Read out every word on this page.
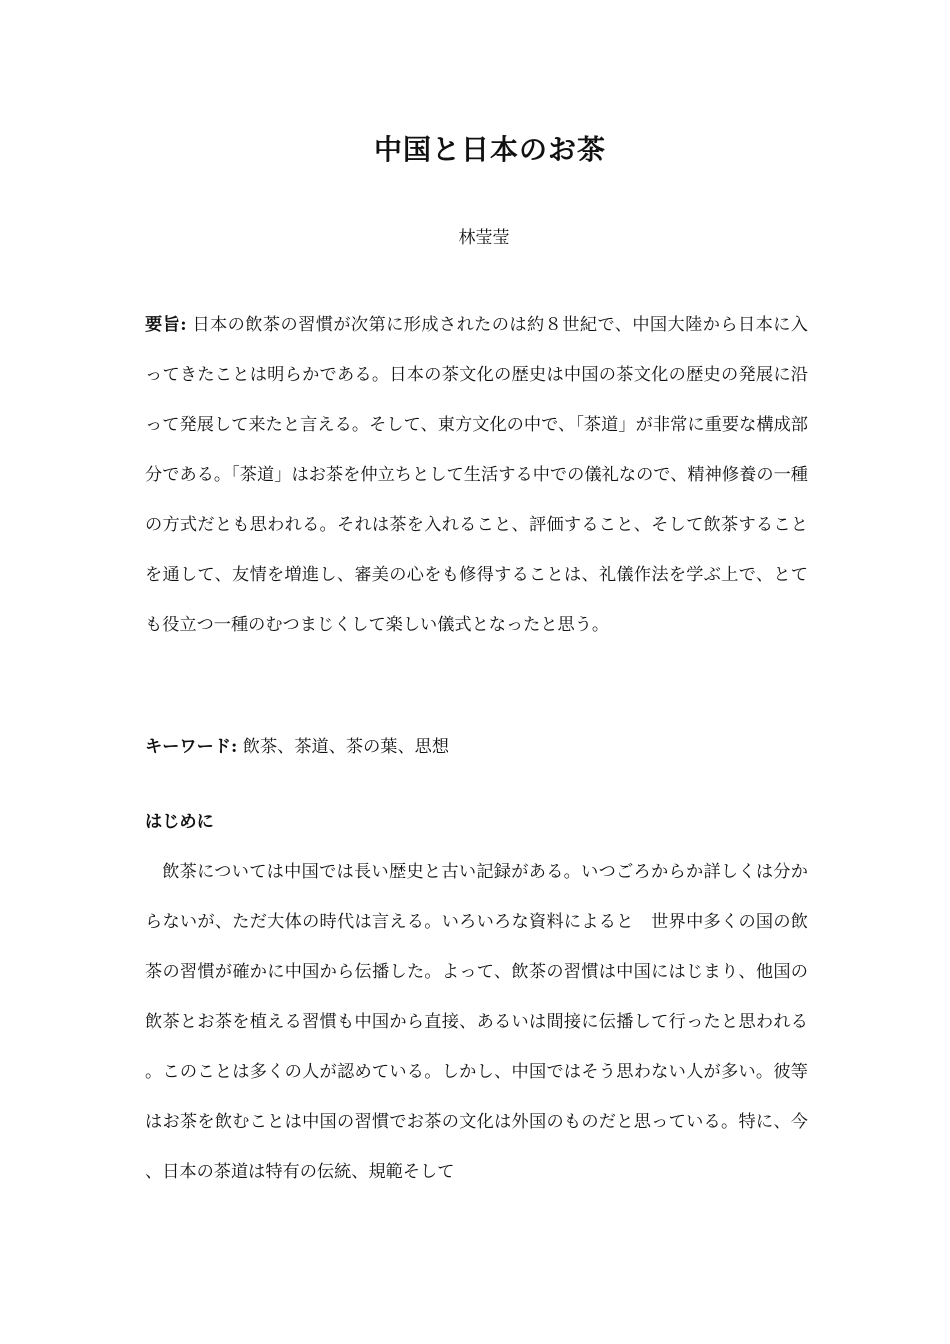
中国と日本のお茶
林莹莹
要旨: 日本の飲茶の習慣が次第に形成されたのは約８世紀で、中国大陸から日本に入ってきたことは明らかである。日本の茶文化の歴史は中国の茶文化の歴史の発展に沿って発展して来たと言える。そして、東方文化の中で、「茶道」が非常に重要な構成部分である。「茶道」はお茶を仲立ちとして生活する中での儀礼なので、精神修養の一種の方式だとも思われる。それは茶を入れること、評価すること、そして飲茶することを通して、友情を増進し、審美の心をも修得することは、礼儀作法を学ぶ上で、とても役立つ一種のむつまじくして楽しい儀式となったと思う。
キーワード: 飲茶、茶道、茶の葉、思想
はじめに
飲茶については中国では長い歴史と古い記録がある。いつごろからか詳しくは分からないが、ただ大体の時代は言える。いろいろな資料によると　世界中多くの国の飲茶の習慣が確かに中国から伝播した。よって、飲茶の習慣は中国にはじまり、他国の飲茶とお茶を植える習慣も中国から直接、あるいは間接に伝播して行ったと思われる。このことは多くの人が認めている。しかし、中国ではそう思わない人が多い。彼等はお茶を飲むことは中国の習慣でお茶の文化は外国のものだと思っている。特に、今、日本の茶道は特有の伝統、規範そして
